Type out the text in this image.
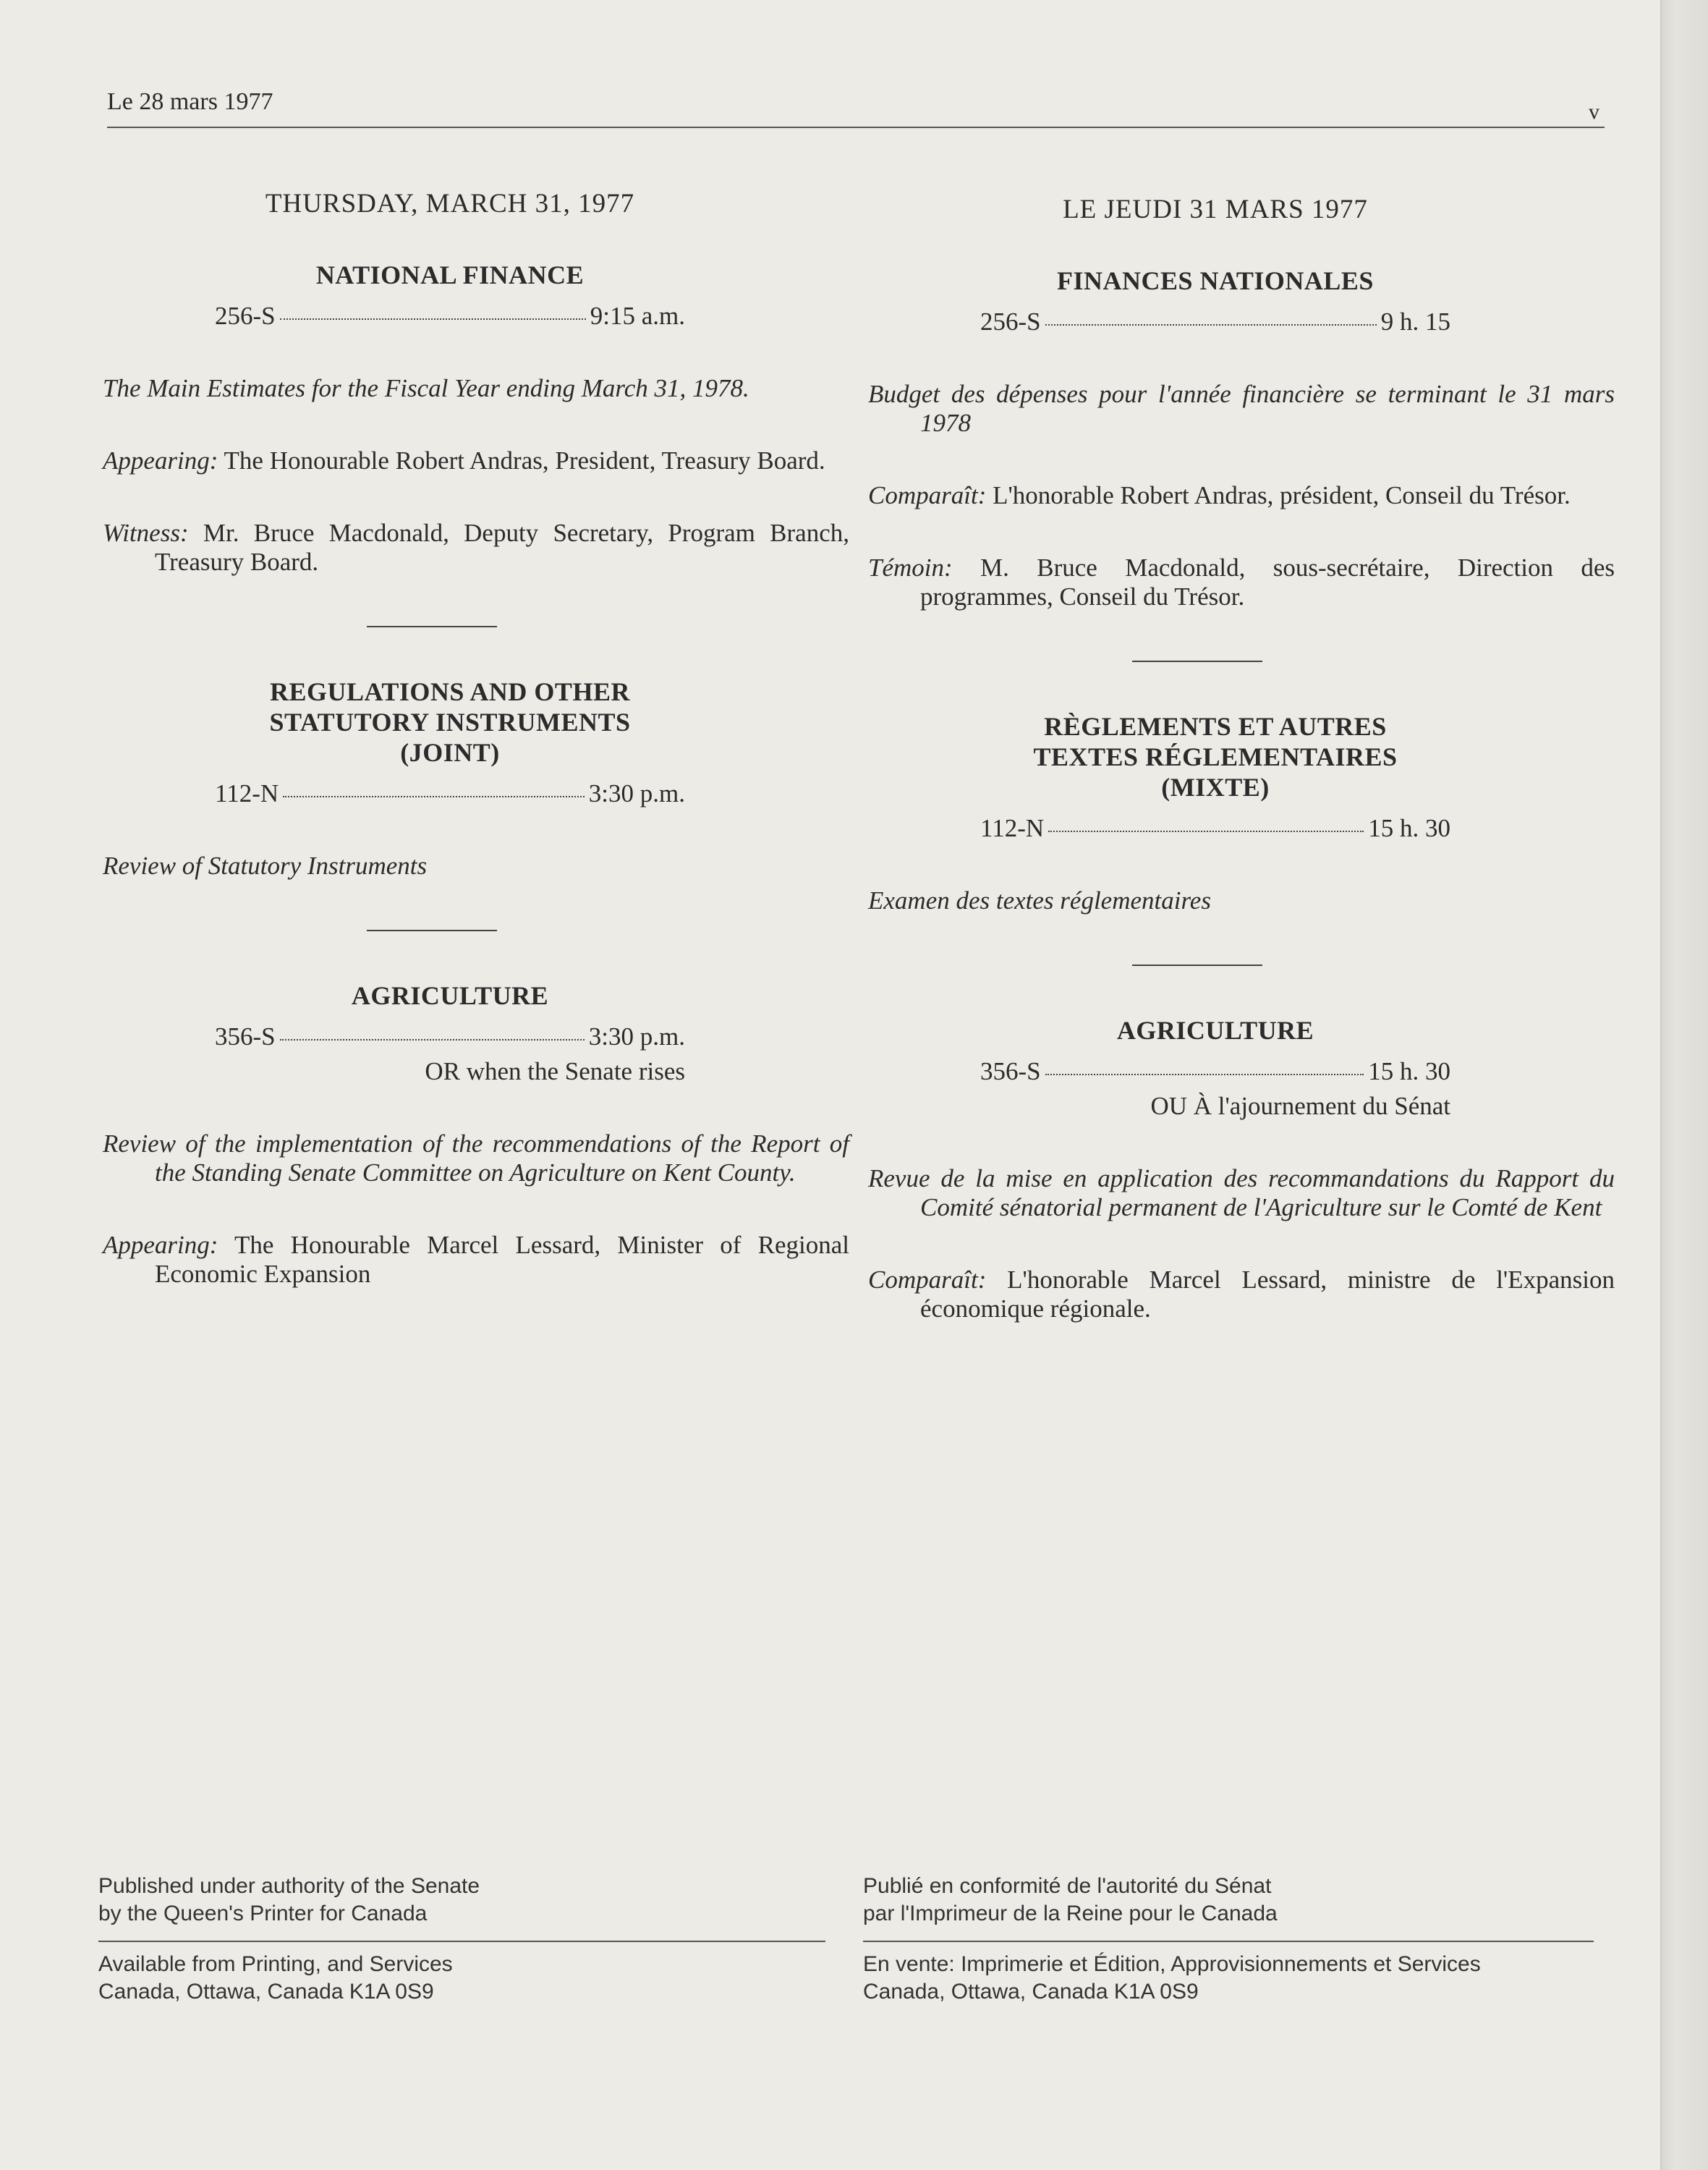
Le 28 mars 1977	v
THURSDAY, MARCH 31, 1977
NATIONAL FINANCE
256-S	9:15 a.m.
The Main Estimates for the Fiscal Year ending March 31, 1978.
Appearing: The Honourable Robert Andras, President, Treasury Board.
Witness: Mr. Bruce Macdonald, Deputy Secretary, Program Branch, Treasury Board.
REGULATIONS AND OTHER
STATUTORY INSTRUMENTS
(JOINT)
112-N	3:30 p.m.
Review of Statutory Instruments
AGRICULTURE
356-S	3:30 p.m.
OR when the Senate rises
Review of the implementation of the recommendations of the Report of the Standing Senate Committee on Agriculture on Kent County.
Appearing: The Honourable Marcel Lessard, Minister of Regional Economic Expansion
LE JEUDI 31 MARS 1977
FINANCES NATIONALES
256-S	9 h. 15
Budget des dépenses pour l'année financière se terminant le 31 mars 1978
Comparaît: L'honorable Robert Andras, président, Conseil du Trésor.
Témoin: M. Bruce Macdonald, sous-secrétaire, Direction des programmes, Conseil du Trésor.
RÈGLEMENTS ET AUTRES
TEXTES RÉGLEMENTAIRES
(MIXTE)
112-N	15 h. 30
Examen des textes réglementaires
AGRICULTURE
356-S	15 h. 30
OU À l'ajournement du Sénat
Revue de la mise en application des recommandations du Rapport du Comité sénatorial permanent de l'Agriculture sur le Comté de Kent
Comparaît: L'honorable Marcel Lessard, ministre de l'Expansion économique régionale.
Published under authority of the Senate
by the Queen's Printer for Canada
Available from Printing, and Services
Canada, Ottawa, Canada K1A 0S9
Publié en conformité de l'autorité du Sénat
par l'Imprimeur de la Reine pour le Canada
En vente: Imprimerie et Édition, Approvisionnements et Services
Canada, Ottawa, Canada K1A 0S9
